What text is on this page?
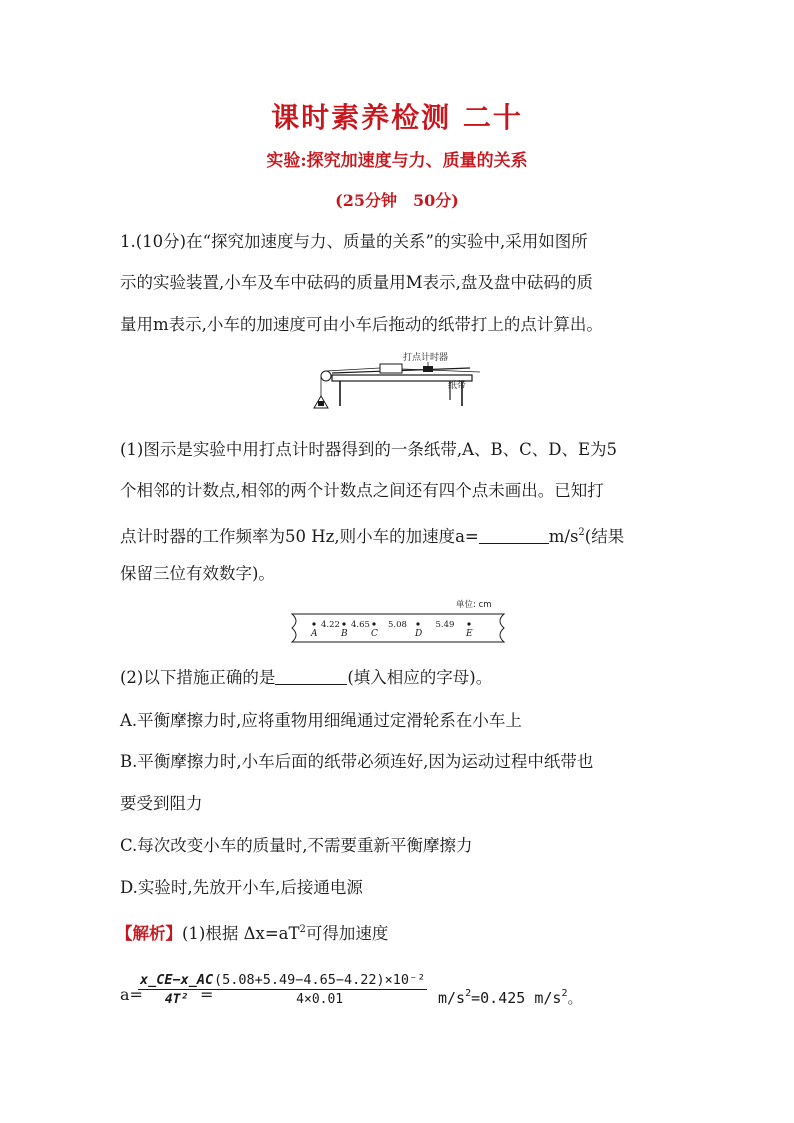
课时素养检测 二十
实验:探究加速度与力、质量的关系
(25分钟　50分)
1.(10分)在“探究加速度与力、质量的关系”的实验中,采用如图所
示的实验装置,小车及车中砝码的质量用M表示,盘及盘中砝码的质
量用m表示,小车的加速度可由小车后拖动的纸带打上的点计算出。
打点计时器
纸带
(1)图示是实验中用打点计时器得到的一条纸带,A、B、C、D、E为5
个相邻的计数点,相邻的两个计数点之间还有四个点未画出。已知打
点计时器的工作频率为50 Hz,则小车的加速度a=	$m/s^2$(结果
保留三位有效数字)。
单位: cm
A	B	C	D	E
4.22 4.65 5.08	5.49
(2)以下措施正确的是	(填入相应的字母)。
A.平衡摩擦力时,应将重物用细绳通过定滑轮系在小车上
B.平衡摩擦力时,小车后面的纸带必须连好,因为运动过程中纸带也
要受到阻力
C.每次改变小车的质量时,不需要重新平衡摩擦力
D.实验时,先放开小车,后接通电源
【解析】(1)根据 $\Delta x=aT^2$可得加速度
a=
$\frac{x\_CE-x\_AC}{\text{4T²}}$
=
$\frac{\text{(5.08+5.49−4.65−4.22)×10⁻²}}{4\times 0.01} m/s^2=0.425$ $m/s^2$。
